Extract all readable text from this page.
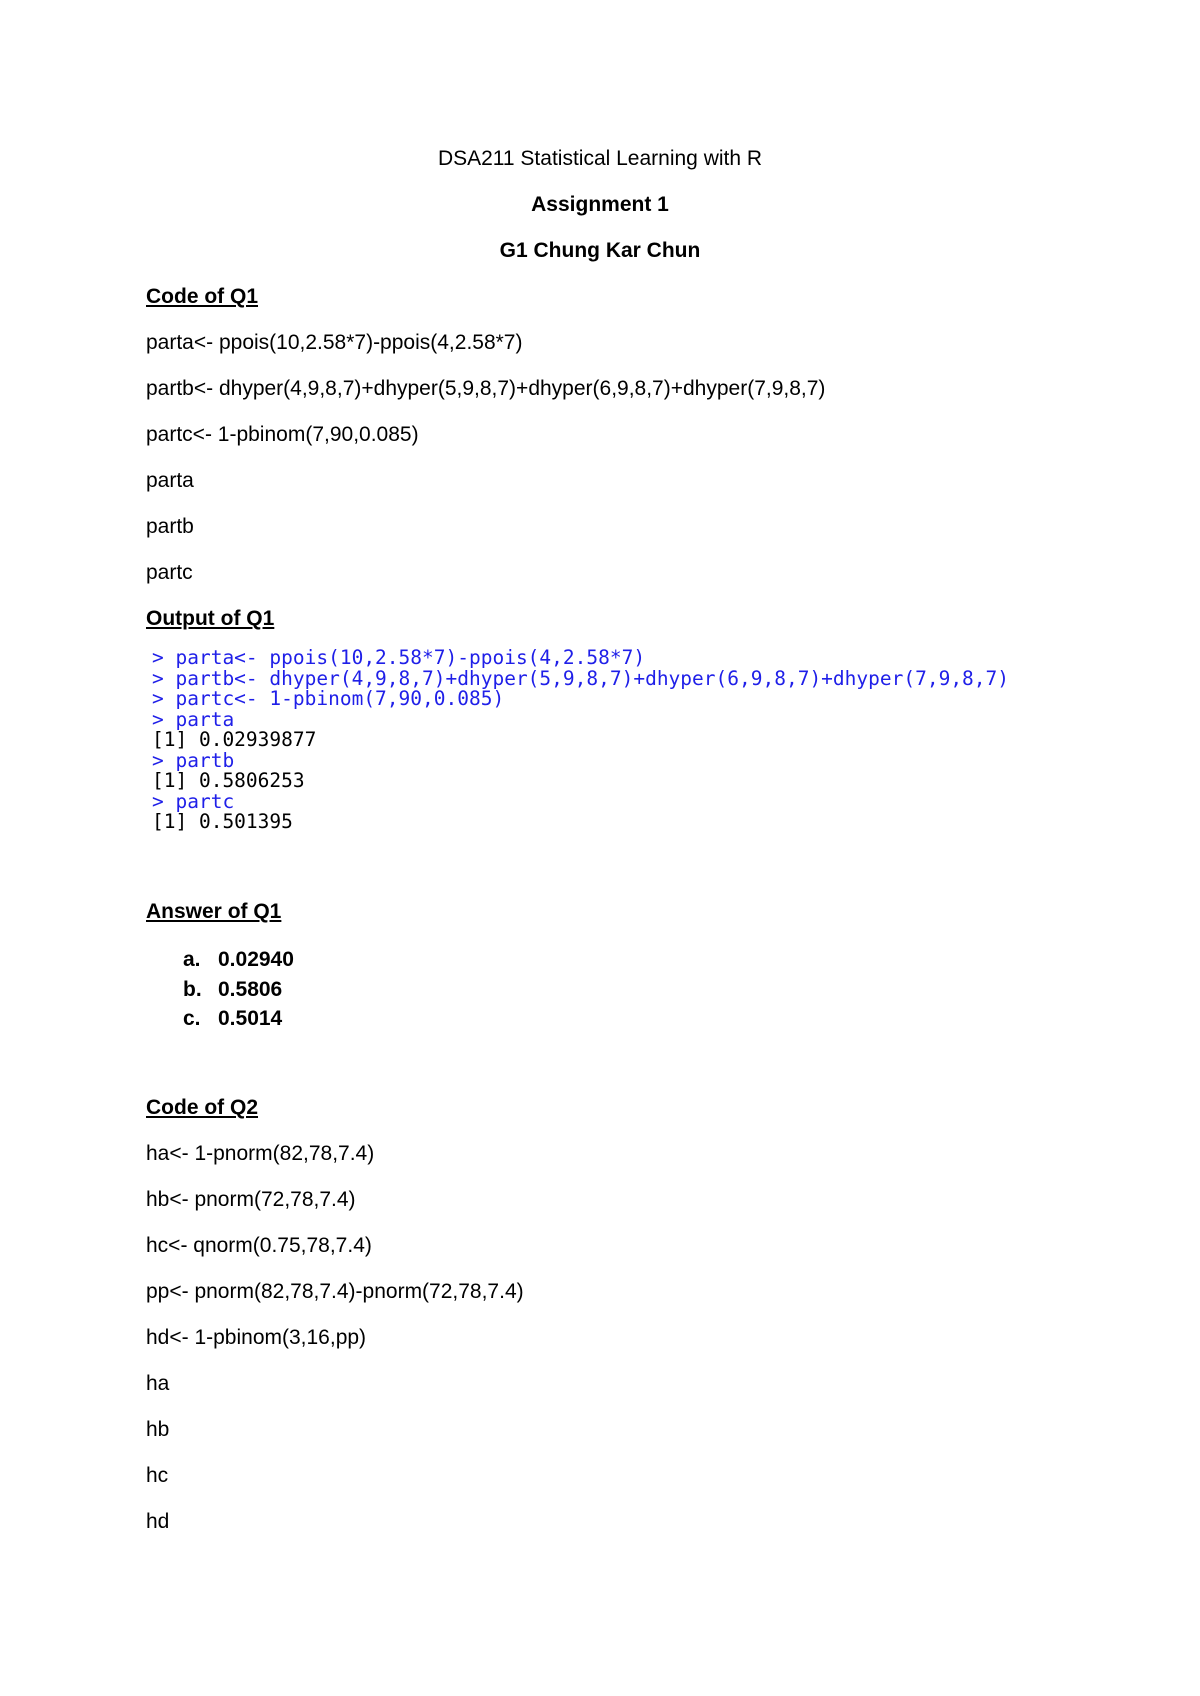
DSA211 Statistical Learning with R
Assignment 1
G1 Chung Kar Chun
Code of Q1
parta<- ppois(10,2.58*7)-ppois(4,2.58*7)
partb<- dhyper(4,9,8,7)+dhyper(5,9,8,7)+dhyper(6,9,8,7)+dhyper(7,9,8,7)
partc<- 1-pbinom(7,90,0.085)
parta
partb
partc
Output of Q1
> parta<- ppois(10,2.58*7)-ppois(4,2.58*7)
> partb<- dhyper(4,9,8,7)+dhyper(5,9,8,7)+dhyper(6,9,8,7)+dhyper(7,9,8,7)
> partc<- 1-pbinom(7,90,0.085)
> parta
[1] 0.02939877
> partb
[1] 0.5806253
> partc
[1] 0.501395
Answer of Q1
a. 0.02940
b. 0.5806
c. 0.5014
Code of Q2
ha<- 1-pnorm(82,78,7.4)
hb<- pnorm(72,78,7.4)
hc<- qnorm(0.75,78,7.4)
pp<- pnorm(82,78,7.4)-pnorm(72,78,7.4)
hd<- 1-pbinom(3,16,pp)
ha
hb
hc
hd
